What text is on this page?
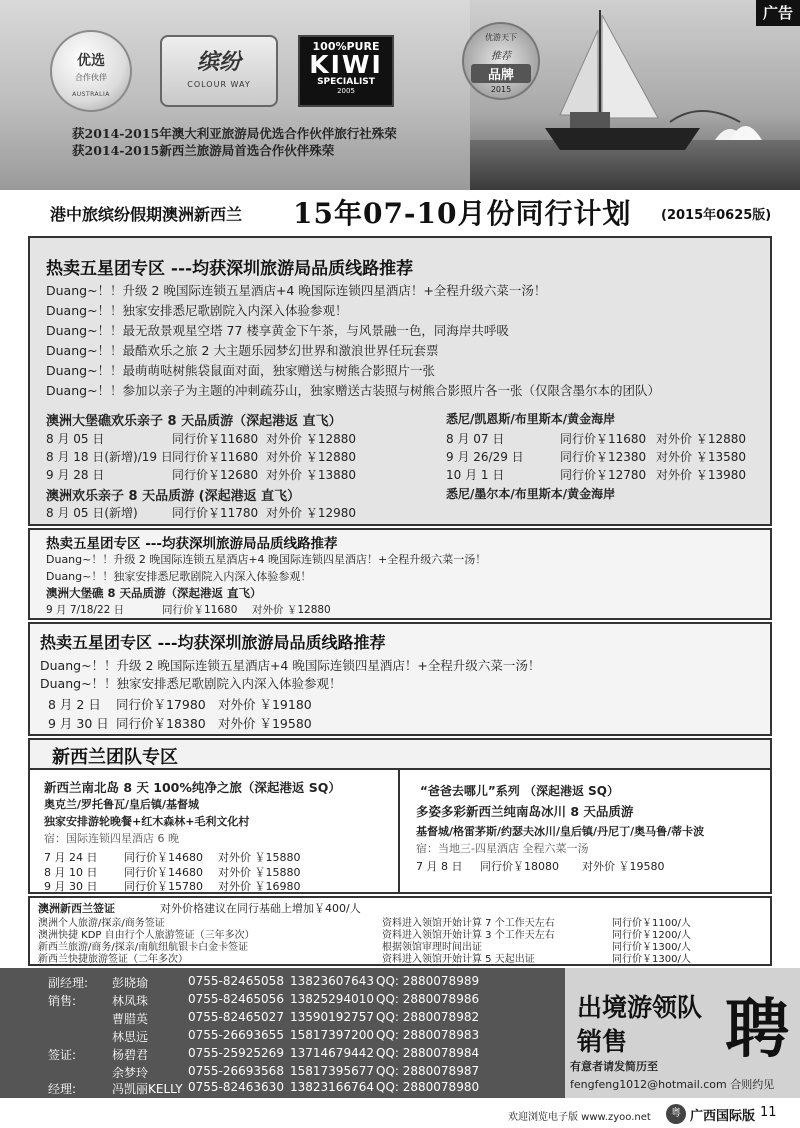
广告
优选
合作伙伴
AUSTRALIA
缤纷
COLOUR WAY
100%PURE
KIWI
SPECIALIST
2005
优游天下
推荐
品牌
2015
获2014-2015年澳大利亚旅游局优选合作伙伴旅行社殊荣
获2014-2015新西兰旅游局首选合作伙伴殊荣
港中旅缤纷假期澳洲新西兰 15年07-10月份同行计划 (2015年0625版)
热卖五星团专区 ---均获深圳旅游局品质线路推荐
Duang~！！升级 2 晚国际连锁五星酒店+4 晚国际连锁四星酒店！+全程升级六菜一汤！
Duang~！！独家安排悉尼歌剧院入内深入体验参观！
Duang~！！最无敌景观星空塔 77 楼享黄金下午茶，与风景融一色，同海岸共呼吸
Duang~！！最酷欢乐之旅 2 大主题乐园梦幻世界和激浪世界任玩套票
Duang~！！最萌萌哒树熊袋鼠面对面，独家赠送与树熊合影照片一张
Duang~！！参加以亲子为主题的冲刺疏芬山，独家赠送古装照与树熊合影照片各一张（仅限含墨尔本的团队）
澳洲大堡礁欢乐亲子 8 天品质游（深起港返 直飞）
8 月 05 日	同行价￥11680 对外价 ￥12880
8 月 18 日(新增)/19 日 同行价￥11680 对外价 ￥12880
9 月 28 日	同行价￥12680 对外价 ￥13880
澳洲欢乐亲子 8 天品质游 (深起港返 直飞）
8 月 05 日(新增)	同行价￥11780 对外价 ￥12980
悉尼/凯恩斯/布里斯本/黄金海岸
8 月 07 日	同行价￥11680 对外价 ￥12880
9 月 26/29 日	同行价￥12380 对外价 ￥13580
10 月 1 日	同行价￥12780 对外价 ￥13980
悉尼/墨尔本/布里斯本/黄金海岸
热卖五星团专区 ---均获深圳旅游局品质线路推荐
Duang~！！升级 2 晚国际连锁五星酒店+4 晚国际连锁四星酒店！+全程升级六菜一汤！
Duang~！！独家安排悉尼歌剧院入内深入体验参观！
澳洲大堡礁 8 天品质游（深起港返 直飞）
9 月 7/18/22 日	同行价￥11680 对外价 ￥12880
热卖五星团专区 ---均获深圳旅游局品质线路推荐
Duang~！！升级 2 晚国际连锁五星酒店+4 晚国际连锁四星酒店！+全程升级六菜一汤！
Duang~！！独家安排悉尼歌剧院入内深入体验参观！
8 月 2 日 同行价￥17980 对外价 ￥19180
9 月 30 日 同行价￥18380 对外价 ￥19580
新西兰团队专区
新西兰南北岛 8 天 100%纯净之旅（深起港返 SQ）
奥克兰/罗托鲁瓦/皇后镇/基督城
独家安排游轮晚餐+红木森林+毛利文化村
宿：国际连锁四星酒店 6 晚
7 月 24 日 同行价￥14680 对外价 ￥15880
8 月 10 日 同行价￥14680 对外价 ￥15880
9 月 30 日 同行价￥15780 对外价 ￥16980
“爸爸去哪儿”系列 （深起港返 SQ）
多姿多彩新西兰纯南岛冰川 8 天品质游
基督城/格雷茅斯/约瑟夫冰川/皇后镇/丹尼丁/奥马鲁/蒂卡波
宿：当地三-四星酒店 全程六菜一汤
7 月 8 日 同行价￥18080 对外价 ￥19580
澳洲新西兰签证	对外价格建议在同行基础上增加￥400/人
澳洲个人旅游/探亲/商务签证	资料进入领馆开始计算 7 个工作天左右	同行价￥1100/人
澳洲快捷 KDP 自由行个人旅游签证（三年多次）	资料进入领馆开始计算 3 个工作天左右	同行价￥1200/人
新西兰旅游/商务/探亲/南航纽航银卡白金卡签证	根据领馆审理时间出证	同行价￥1300/人
新西兰快捷旅游签证（二年多次）	资料进入领馆开始计算 5 天起出证	同行价￥1300/人
副经理: 彭晓瑜	0755-82465058 13823607643 QQ: 2880078989
销售:	林凤珠	0755-82465056 13825294010 QQ: 2880078986
曹腊英	0755-82465027 13590192757 QQ: 2880078982
林思远	0755-26693655 15817397200 QQ: 2880078983
签证:	杨碧君	0755-25925269 13714679442 QQ: 2880078984
余梦玲	0755-26693568 15817395677 QQ: 2880078987
经理:	冯凯丽KELLY 0755-82463630 13823166764 QQ: 2880078980
出境游领队
销售 聘
有意者请发简历至
fengfeng1012@hotmail.com 合则约见
欢迎浏览电子版 www.zyoo.net	粤 广西国际版 11
